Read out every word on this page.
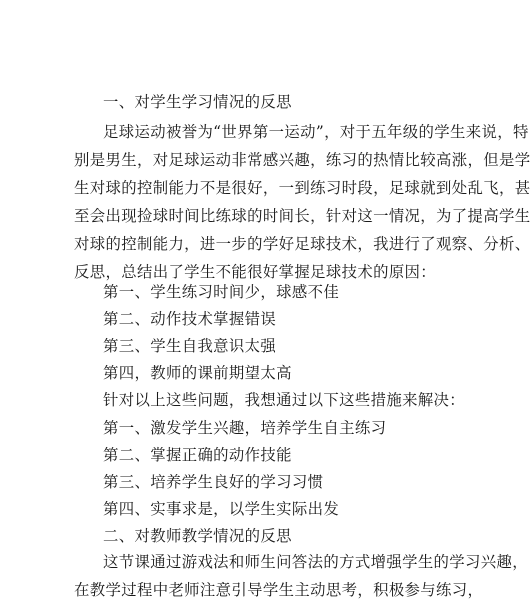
一、对学生学习情况的反思
足球运动被誉为“世界第一运动”，对于五年级的学生来说，特
别是男生，对足球运动非常感兴趣，练习的热情比较高涨，但是学
生对球的控制能力不是很好，一到练习时段，足球就到处乱飞，甚
至会出现捡球时间比练球的时间长，针对这一情况，为了提高学生
对球的控制能力，进一步的学好足球技术，我进行了观察、分析、
反思，总结出了学生不能很好掌握足球技术的原因：
第一、学生练习时间少，球感不佳
第二、动作技术掌握错误
第三、学生自我意识太强
第四，教师的课前期望太高
针对以上这些问题，我想通过以下这些措施来解决：
第一、激发学生兴趣，培养学生自主练习
第二、掌握正确的动作技能
第三、培养学生良好的学习习惯
第四、实事求是，以学生实际出发
二、对教师教学情况的反思
这节课通过游戏法和师生问答法的方式增强学生的学习兴趣，
在教学过程中老师注意引导学生主动思考，积极参与练习，
